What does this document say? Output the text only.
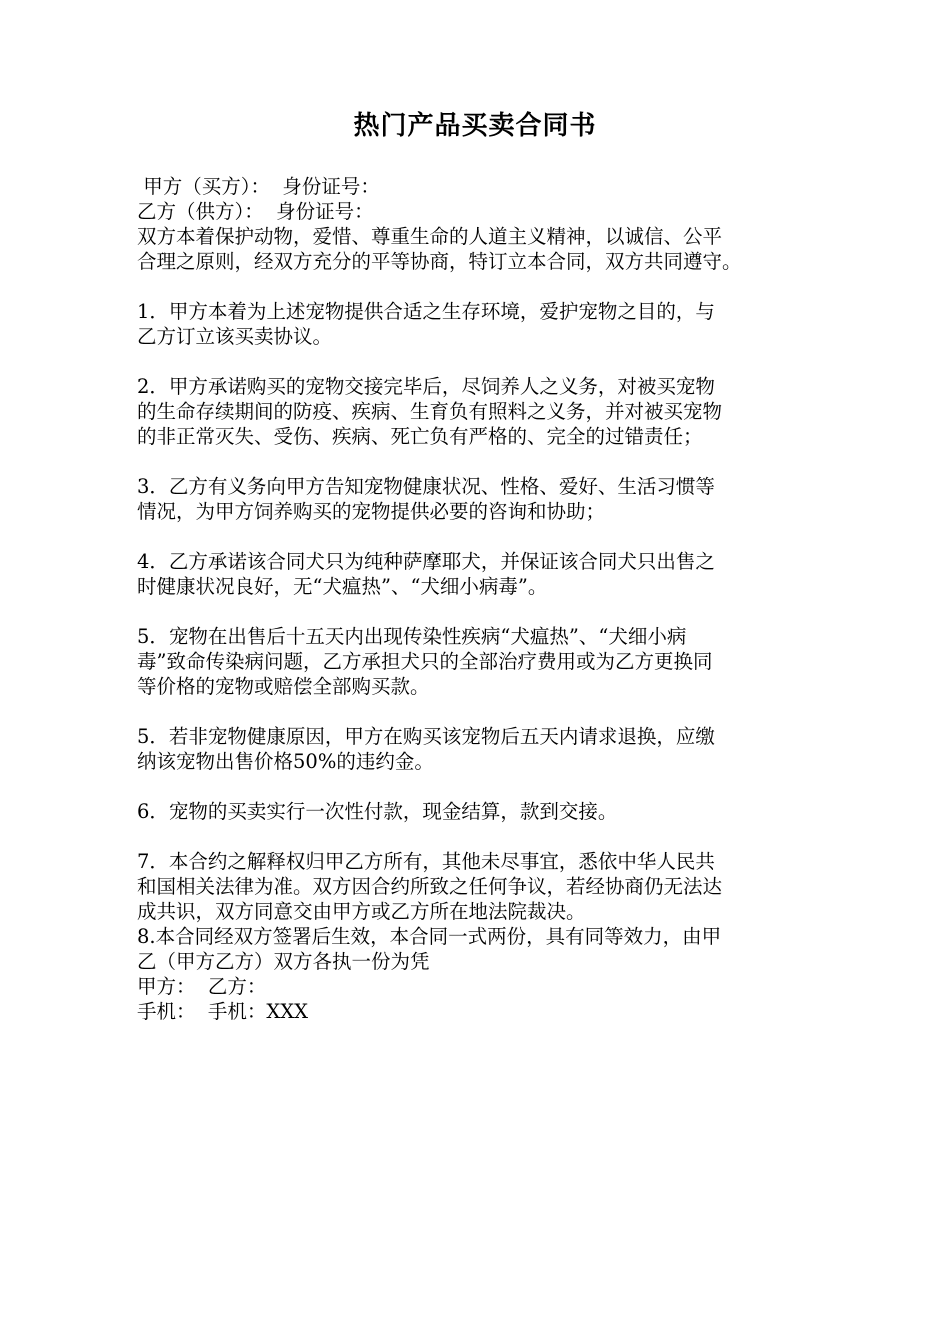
热门产品买卖合同书
甲方（买方）：  身份证号：
乙方（供方）：  身份证号：
双方本着保护动物，爱惜、尊重生命的人道主义精神，以诚信、公平
合理之原则，经双方充分的平等协商，特订立本合同，双方共同遵守。
1．甲方本着为上述宠物提供合适之生存环境，爱护宠物之目的，与
乙方订立该买卖协议。
2．甲方承诺购买的宠物交接完毕后，尽饲养人之义务，对被买宠物
的生命存续期间的防疫、疾病、生育负有照料之义务，并对被买宠物
的非正常灭失、受伤、疾病、死亡负有严格的、完全的过错责任；
3．乙方有义务向甲方告知宠物健康状况、性格、爱好、生活习惯等
情况，为甲方饲养购买的宠物提供必要的咨询和协助；
4．乙方承诺该合同犬只为纯种萨摩耶犬，并保证该合同犬只出售之
时健康状况良好，无“犬瘟热”、“犬细小病毒”。
5．宠物在出售后十五天内出现传染性疾病“犬瘟热”、“犬细小病
毒”致命传染病问题，乙方承担犬只的全部治疗费用或为乙方更换同
等价格的宠物或赔偿全部购买款。
5．若非宠物健康原因，甲方在购买该宠物后五天内请求退换，应缴
纳该宠物出售价格50%的违约金。
6．宠物的买卖实行一次性付款，现金结算，款到交接。
7．本合约之解释权归甲乙方所有，其他未尽事宜，悉依中华人民共
和国相关法律为准。双方因合约所致之任何争议，若经协商仍无法达
成共识，双方同意交由甲方或乙方所在地法院裁决。
8.本合同经双方签署后生效，本合同一式两份，具有同等效力，由甲
乙（甲方乙方）双方各执一份为凭
甲方：  乙方：
手机：  手机：XXX
